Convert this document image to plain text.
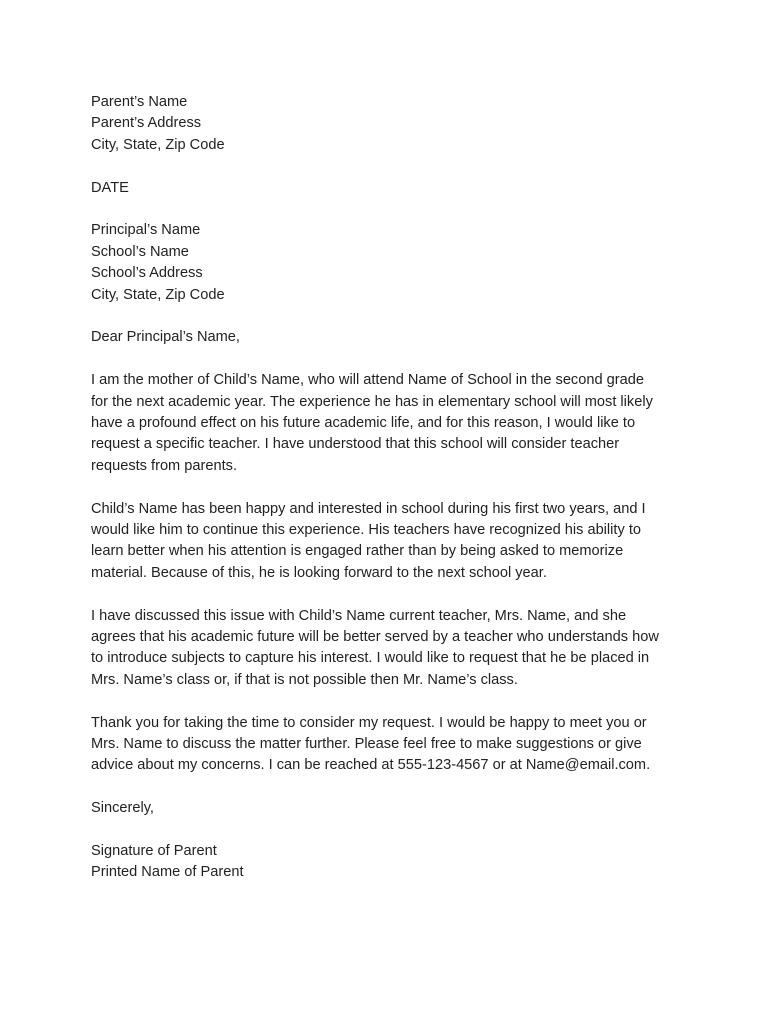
Parent’s Name
Parent’s Address
City, State, Zip Code
DATE
Principal’s Name
School’s Name
School’s Address
City, State, Zip Code
Dear Principal’s Name,

I am the mother of Child’s Name, who will attend Name of School in the second grade
for the next academic year. The experience he has in elementary school will most likely
have a profound effect on his future academic life, and for this reason, I would like to
request a specific teacher. I have understood that this school will consider teacher
requests from parents.

Child’s Name has been happy and interested in school during his first two years, and I
would like him to continue this experience. His teachers have recognized his ability to
learn better when his attention is engaged rather than by being asked to memorize
material. Because of this, he is looking forward to the next school year.

I have discussed this issue with Child’s Name current teacher, Mrs. Name, and she
agrees that his academic future will be better served by a teacher who understands how
to introduce subjects to capture his interest. I would like to request that he be placed in
Mrs. Name’s class or, if that is not possible then Mr. Name’s class.

Thank you for taking the time to consider my request. I would be happy to meet you or
Mrs. Name to discuss the matter further. Please feel free to make suggestions or give
advice about my concerns. I can be reached at 555-123-4567 or at Name@email.com.

Sincerely,
Signature of Parent
Printed Name of Parent
